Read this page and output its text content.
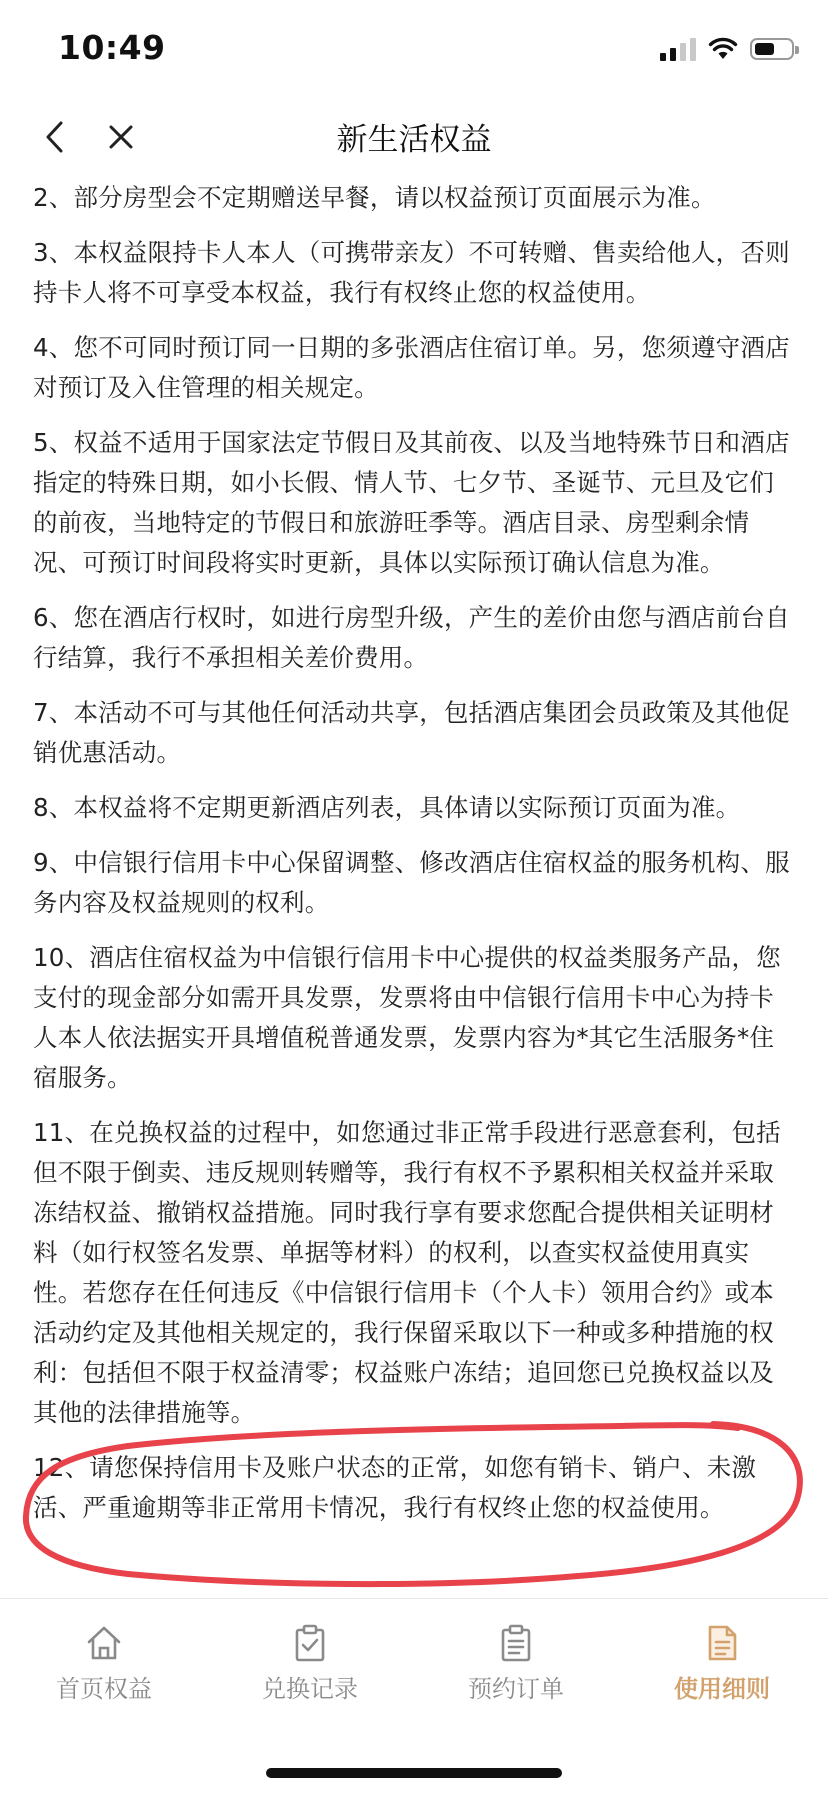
10:49
新生活权益

2、部分房型会不定期赠送早餐，请以权益预订页面展示为准。

3、本权益限持卡人本人（可携带亲友）不可转赠、售卖给他人，否则持卡人将不可享受本权益，我行有权终止您的权益使用。

4、您不可同时预订同一日期的多张酒店住宿订单。另，您须遵守酒店对预订及入住管理的相关规定。

5、权益不适用于国家法定节假日及其前夜、以及当地特殊节日和酒店指定的特殊日期，如小长假、情人节、七夕节、圣诞节、元旦及它们的前夜，当地特定的节假日和旅游旺季等。酒店目录、房型剩余情况、可预订时间段将实时更新，具体以实际预订确认信息为准。

6、您在酒店行权时，如进行房型升级，产生的差价由您与酒店前台自行结算，我行不承担相关差价费用。

7、本活动不可与其他任何活动共享，包括酒店集团会员政策及其他促销优惠活动。

8、本权益将不定期更新酒店列表，具体请以实际预订页面为准。

9、中信银行信用卡中心保留调整、修改酒店住宿权益的服务机构、服务内容及权益规则的权利。

10、酒店住宿权益为中信银行信用卡中心提供的权益类服务产品，您支付的现金部分如需开具发票，发票将由中信银行信用卡中心为持卡人本人依法据实开具增值税普通发票，发票内容为*其它生活服务*住宿服务。

11、在兑换权益的过程中，如您通过非正常手段进行恶意套利，包括但不限于倒卖、违反规则转赠等，我行有权不予累积相关权益并采取冻结权益、撤销权益措施。同时我行享有要求您配合提供相关证明材料（如行权签名发票、单据等材料）的权利，以查实权益使用真实性。若您存在任何违反《中信银行信用卡（个人卡）领用合约》或本活动约定及其他相关规定的，我行保留采取以下一种或多种措施的权利：包括但不限于权益清零；权益账户冻结；追回您已兑换权益以及其他的法律措施等。

12、请您保持信用卡及账户状态的正常，如您有销卡、销户、未激活、严重逾期等非正常用卡情况，我行有权终止您的权益使用。

首页权益	兑换记录	预约订单	使用细则
